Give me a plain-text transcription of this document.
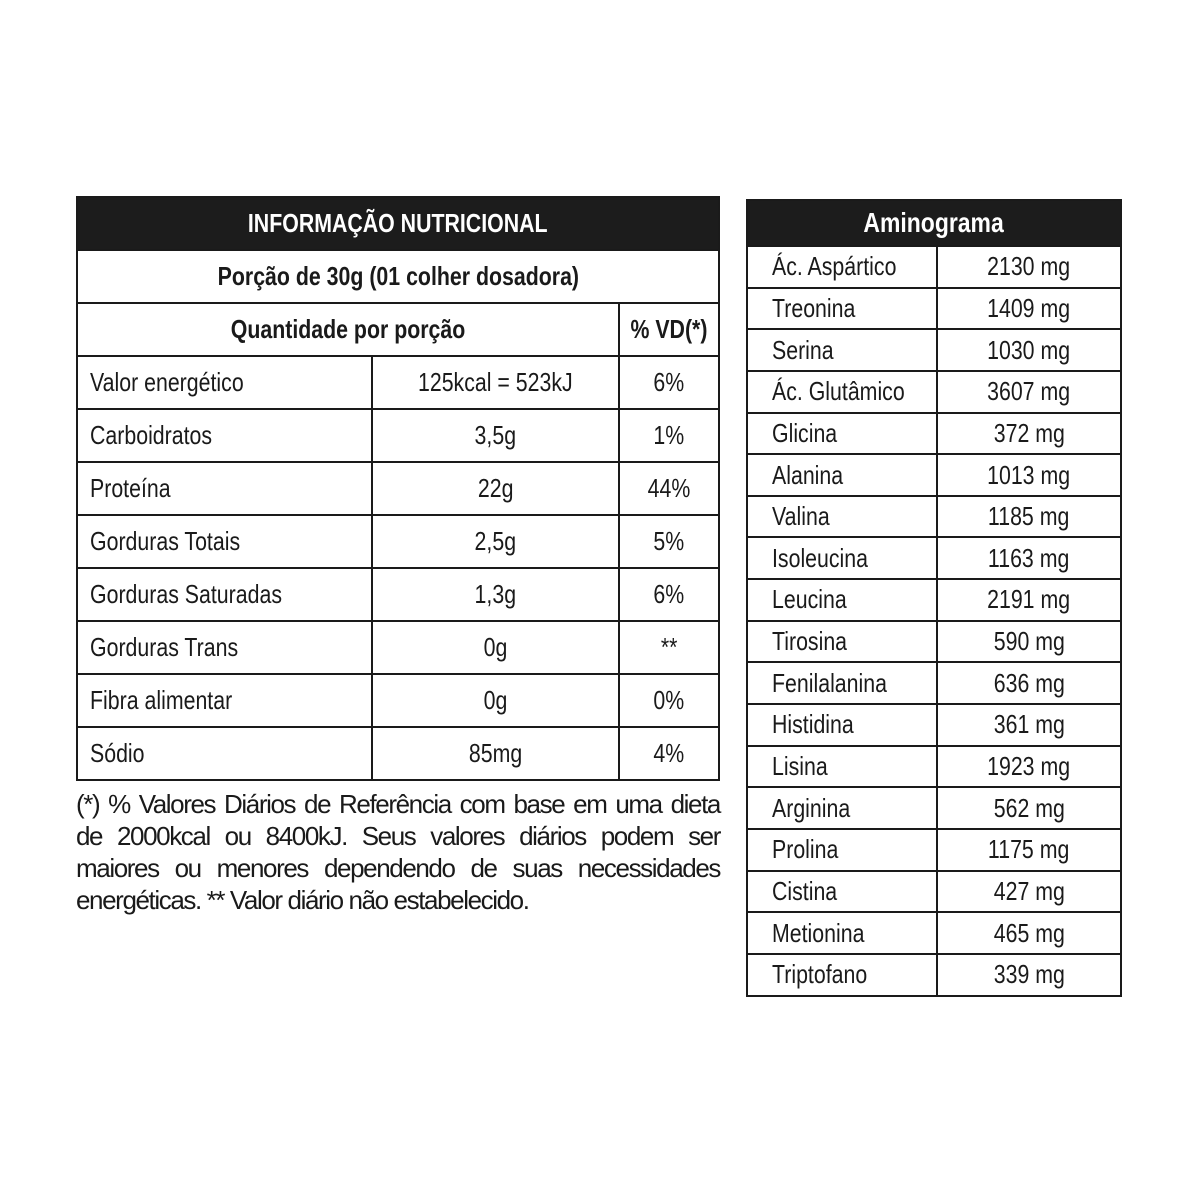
INFORMAÇÃO NUTRICIONAL
Porção de 30g (01 colher dosadora)
Quantidade por porção	% VD(*)
Valor energético	125kcal = 523kJ	6%
Carboidratos	3,5g	1%
Proteína	22g	44%
Gorduras Totais	2,5g	5%
Gorduras Saturadas	1,3g	6%
Gorduras Trans	0g	**
Fibra alimentar	0g	0%
Sódio	85mg	4%
(*) % Valores Diários de Referência com base em uma dieta de 2000kcal ou 8400kJ. Seus valores diários podem ser maiores ou menores dependendo de suas necessidades energéticas. ** Valor diário não estabelecido.
Aminograma
Ác. Aspártico	2130 mg
Treonina	1409 mg
Serina	1030 mg
Ác. Glutâmico	3607 mg
Glicina	372 mg
Alanina	1013 mg
Valina	1185 mg
Isoleucina	1163 mg
Leucina	2191 mg
Tirosina	590 mg
Fenilalanina	636 mg
Histidina	361 mg
Lisina	1923 mg
Arginina	562 mg
Prolina	1175 mg
Cistina	427 mg
Metionina	465 mg
Triptofano	339 mg
